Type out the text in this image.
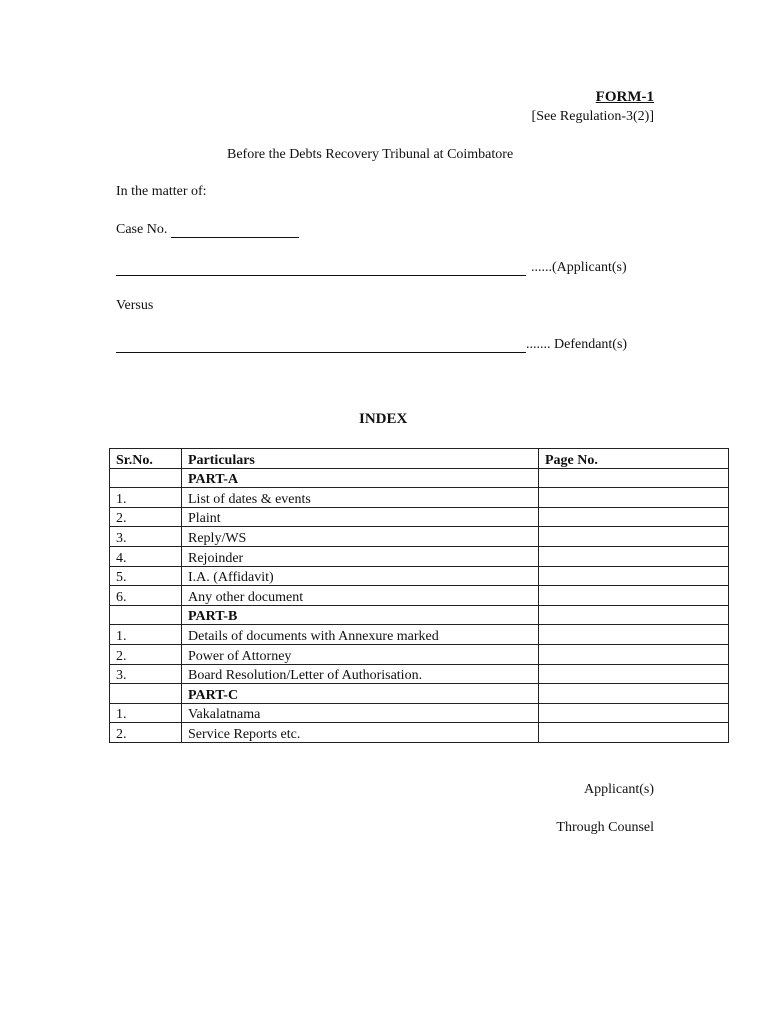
FORM-1
[See Regulation-3(2)]
Before the Debts Recovery Tribunal at Coimbatore
In the matter of:
Case No.
......(Applicant(s)
Versus
....... Defendant(s)
INDEX
Sr.No.	Particulars	Page No.
	PART-A	
1.	List of dates & events	
2.	Plaint	
3.	Reply/WS	
4.	Rejoinder	
5.	I.A. (Affidavit)	
6.	Any other document	
	PART-B	
1.	Details of documents with Annexure marked	
2.	Power of Attorney	
3.	Board Resolution/Letter of Authorisation.	
	PART-C	
1.	Vakalatnama	
2.	Service Reports etc.	
Applicant(s)
Through Counsel
